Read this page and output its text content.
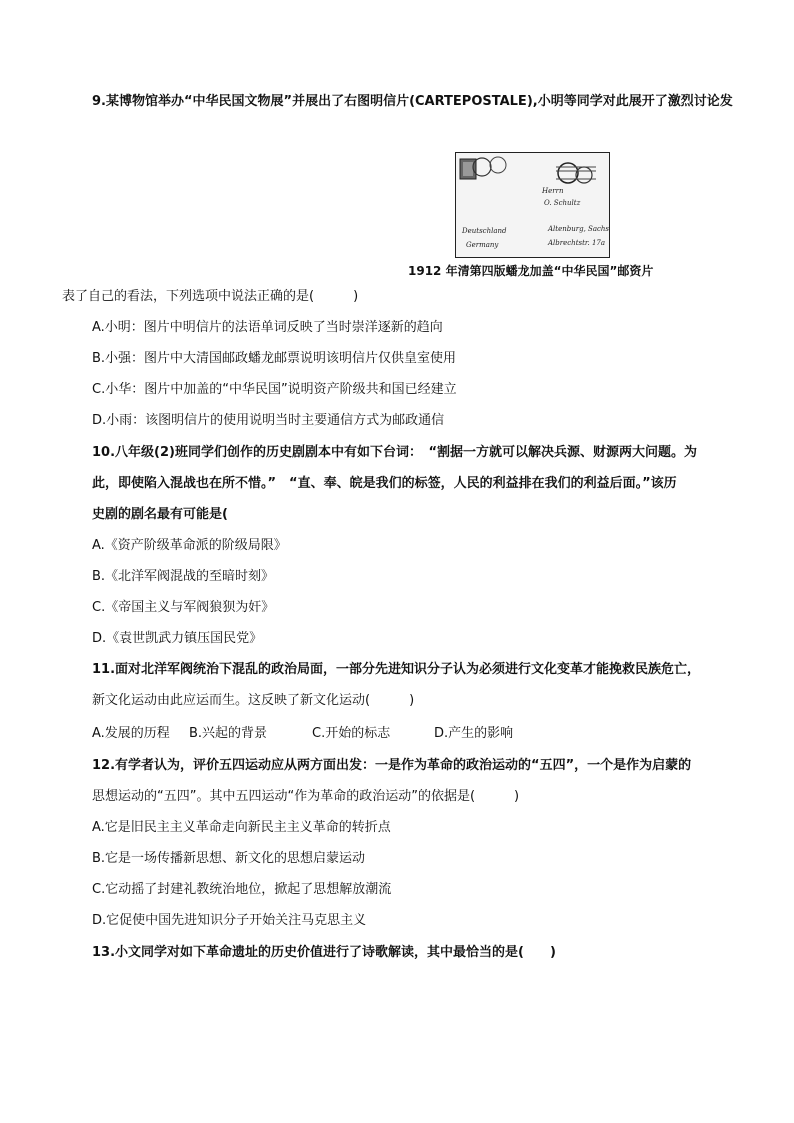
9.某博物馆举办“中华民国文物展”并展出了右图明信片(CARTEPOSTALE),小明等同学对此展开了激烈讨论发
Herrn
O. Schultz
Deutschland	Altenburg, Sachs
Germany	Albrechtstr. 17a
1912 年清第四版蟠龙加盖“中华民国”邮资片
表了自己的看法，下列选项中说法正确的是(　　　)
A.小明：图片中明信片的法语单词反映了当时崇洋逐新的趋向
B.小强：图片中大清国邮政蟠龙邮票说明该明信片仅供皇室使用
C.小华：图片中加盖的“中华民国”说明资产阶级共和国已经建立
D.小雨：该图明信片的使用说明当时主要通信方式为邮政通信
10.八年级(2)班同学们创作的历史剧剧本中有如下台词：　“割据一方就可以解决兵源、财源两大问题。为
此，即使陷入混战也在所不惜。”　“直、奉、皖是我们的标签，人民的利益排在我们的利益后面。”该历
史剧的剧名最有可能是(
A.《资产阶级革命派的阶级局限》
B.《北洋军阀混战的至暗时刻》
C.《帝国主义与军阀狼狈为奸》
D.《袁世凯武力镇压国民党》
11.面对北洋军阀统治下混乱的政治局面，一部分先进知识分子认为必须进行文化变革才能挽救民族危亡，
新文化运动由此应运而生。这反映了新文化运动(　　　)
A.发展的历程 B.兴起的背景	C.开始的标志	D.产生的影响
12.有学者认为，评价五四运动应从两方面出发：一是作为革命的政治运动的“五四”，一个是作为启蒙的
思想运动的“五四”。其中五四运动“作为革命的政治运动”的依据是(　　　)
A.它是旧民主主义革命走向新民主主义革命的转折点
B.它是一场传播新思想、新文化的思想启蒙运动
C.它动摇了封建礼教统治地位，掀起了思想解放潮流
D.它促使中国先进知识分子开始关注马克思主义
13.小文同学对如下革命遗址的历史价值进行了诗歌解读，其中最恰当的是(　　)
